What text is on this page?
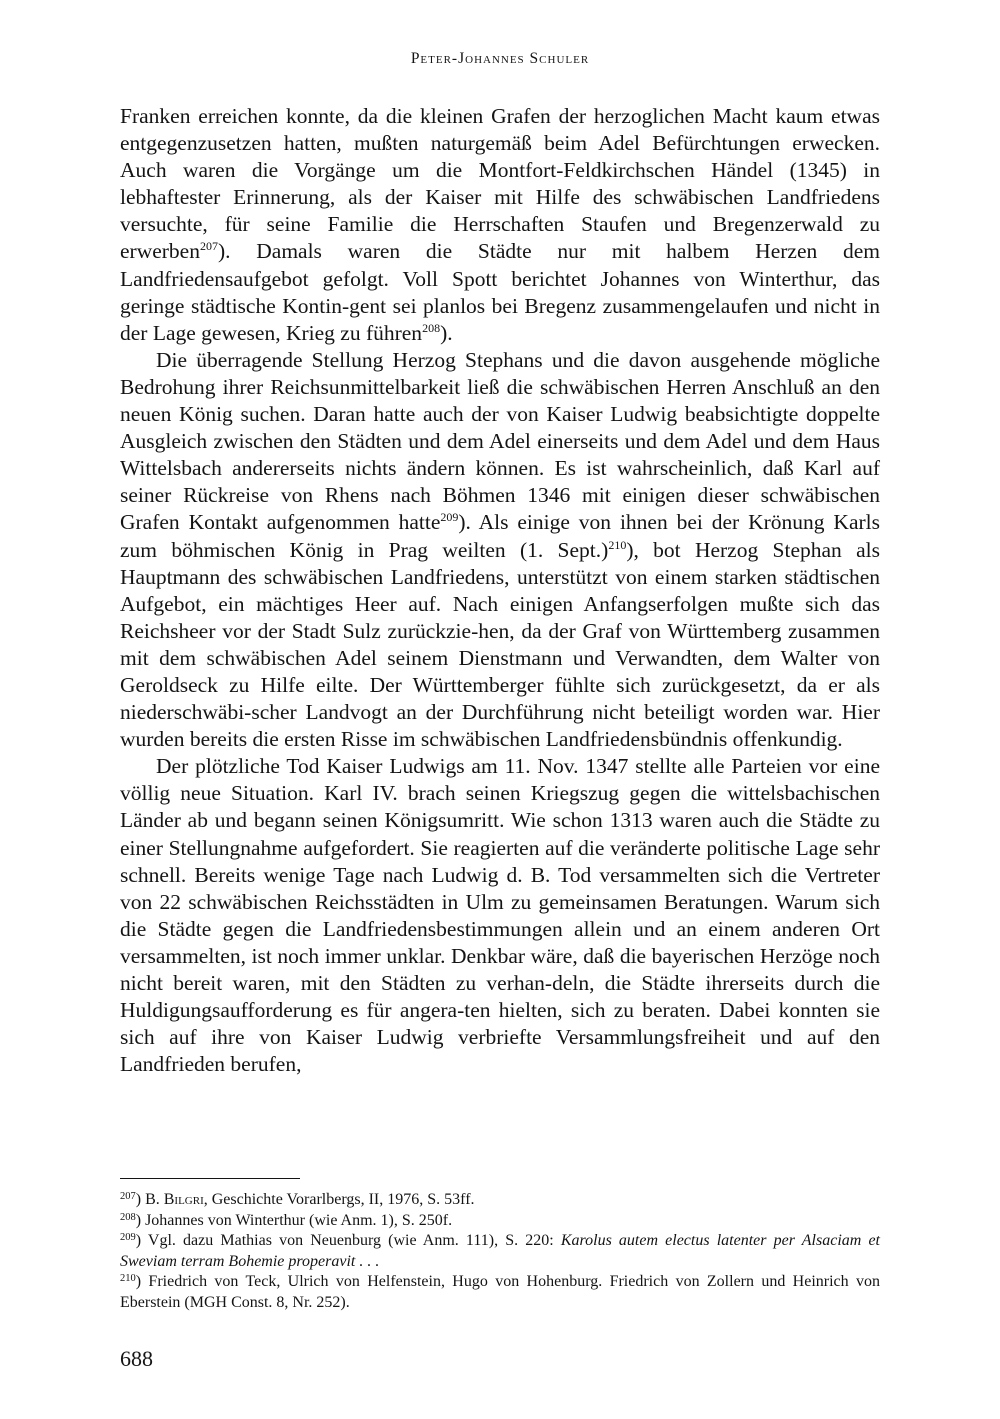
Peter-Johannes Schuler

Franken erreichen konnte, da die kleinen Grafen der herzoglichen Macht kaum etwas entgegenzusetzen hatten, mußten naturgemäß beim Adel Befürchtungen erwecken. Auch waren die Vorgänge um die Montfort-Feldkirchschen Händel (1345) in lebhaftester Erinnerung, als der Kaiser mit Hilfe des schwäbischen Landfriedens versuchte, für seine Familie die Herrschaften Staufen und Bregenzerwald zu erwerben$^{207}$). Damals waren die Städte nur mit halbem Herzen dem Landfriedensaufgebot gefolgt. Voll Spott berichtet Johannes von Winterthur, das geringe städtische Kontin-gent sei planlos bei Bregenz zusammengelaufen und nicht in der Lage gewesen, Krieg zu führen$^{208}$).

Die überragende Stellung Herzog Stephans und die davon ausgehende mögliche Bedrohung ihrer Reichsunmittelbarkeit ließ die schwäbischen Herren Anschluß an den neuen König suchen. Daran hatte auch der von Kaiser Ludwig beabsichtigte doppelte Ausgleich zwischen den Städten und dem Adel einerseits und dem Adel und dem Haus Wittelsbach andererseits nichts ändern können. Es ist wahrscheinlich, daß Karl auf seiner Rückreise von Rhens nach Böhmen 1346 mit einigen dieser schwäbischen Grafen Kontakt aufgenommen hatte$^{209}$). Als einige von ihnen bei der Krönung Karls zum böhmischen König in Prag weilten (1. Sept.)$^{210}$), bot Herzog Stephan als Hauptmann des schwäbischen Landfriedens, unterstützt von einem starken städtischen Aufgebot, ein mächtiges Heer auf. Nach einigen Anfangserfolgen mußte sich das Reichsheer vor der Stadt Sulz zurückzie-hen, da der Graf von Württemberg zusammen mit dem schwäbischen Adel seinem Dienstmann und Verwandten, dem Walter von Geroldseck zu Hilfe eilte. Der Württemberger fühlte sich zurückgesetzt, da er als niederschwäbi-scher Landvogt an der Durchführung nicht beteiligt worden war. Hier wurden bereits die ersten Risse im schwäbischen Landfriedensbündnis offenkundig.

Der plötzliche Tod Kaiser Ludwigs am 11. Nov. 1347 stellte alle Parteien vor eine völlig neue Situation. Karl IV. brach seinen Kriegszug gegen die wittelsbachischen Länder ab und begann seinen Königsumritt. Wie schon 1313 waren auch die Städte zu einer Stellungnahme aufgefordert. Sie reagierten auf die veränderte politische Lage sehr schnell. Bereits wenige Tage nach Ludwig d. B. Tod versammelten sich die Vertreter von 22 schwäbischen Reichsstädten in Ulm zu gemeinsamen Beratungen. Warum sich die Städte gegen die Landfriedensbestimmungen allein und an einem anderen Ort versammelten, ist noch immer unklar. Denkbar wäre, daß die bayerischen Herzöge noch nicht bereit waren, mit den Städten zu verhan-deln, die Städte ihrerseits durch die Huldigungsaufforderung es für angera-ten hielten, sich zu beraten. Dabei konnten sie sich auf ihre von Kaiser Ludwig verbriefte Versammlungsfreiheit und auf den Landfrieden berufen,

$^{207}$) B. Bilgri, Geschichte Vorarlbergs, II, 1976, S. 53ff.

$^{208}$) Johannes von Winterthur (wie Anm. 1), S. 250f.

$^{209}$) Vgl. dazu Mathias von Neuenburg (wie Anm. 111), S. 220: Karolus autem electus latenter per Alsaciam et Sweviam terram Bohemie properavit . . .

$^{210}$) Friedrich von Teck, Ulrich von Helfenstein, Hugo von Hohenburg. Friedrich von Zollern und Heinrich von Eberstein (MGH Const. 8, Nr. 252).

688
